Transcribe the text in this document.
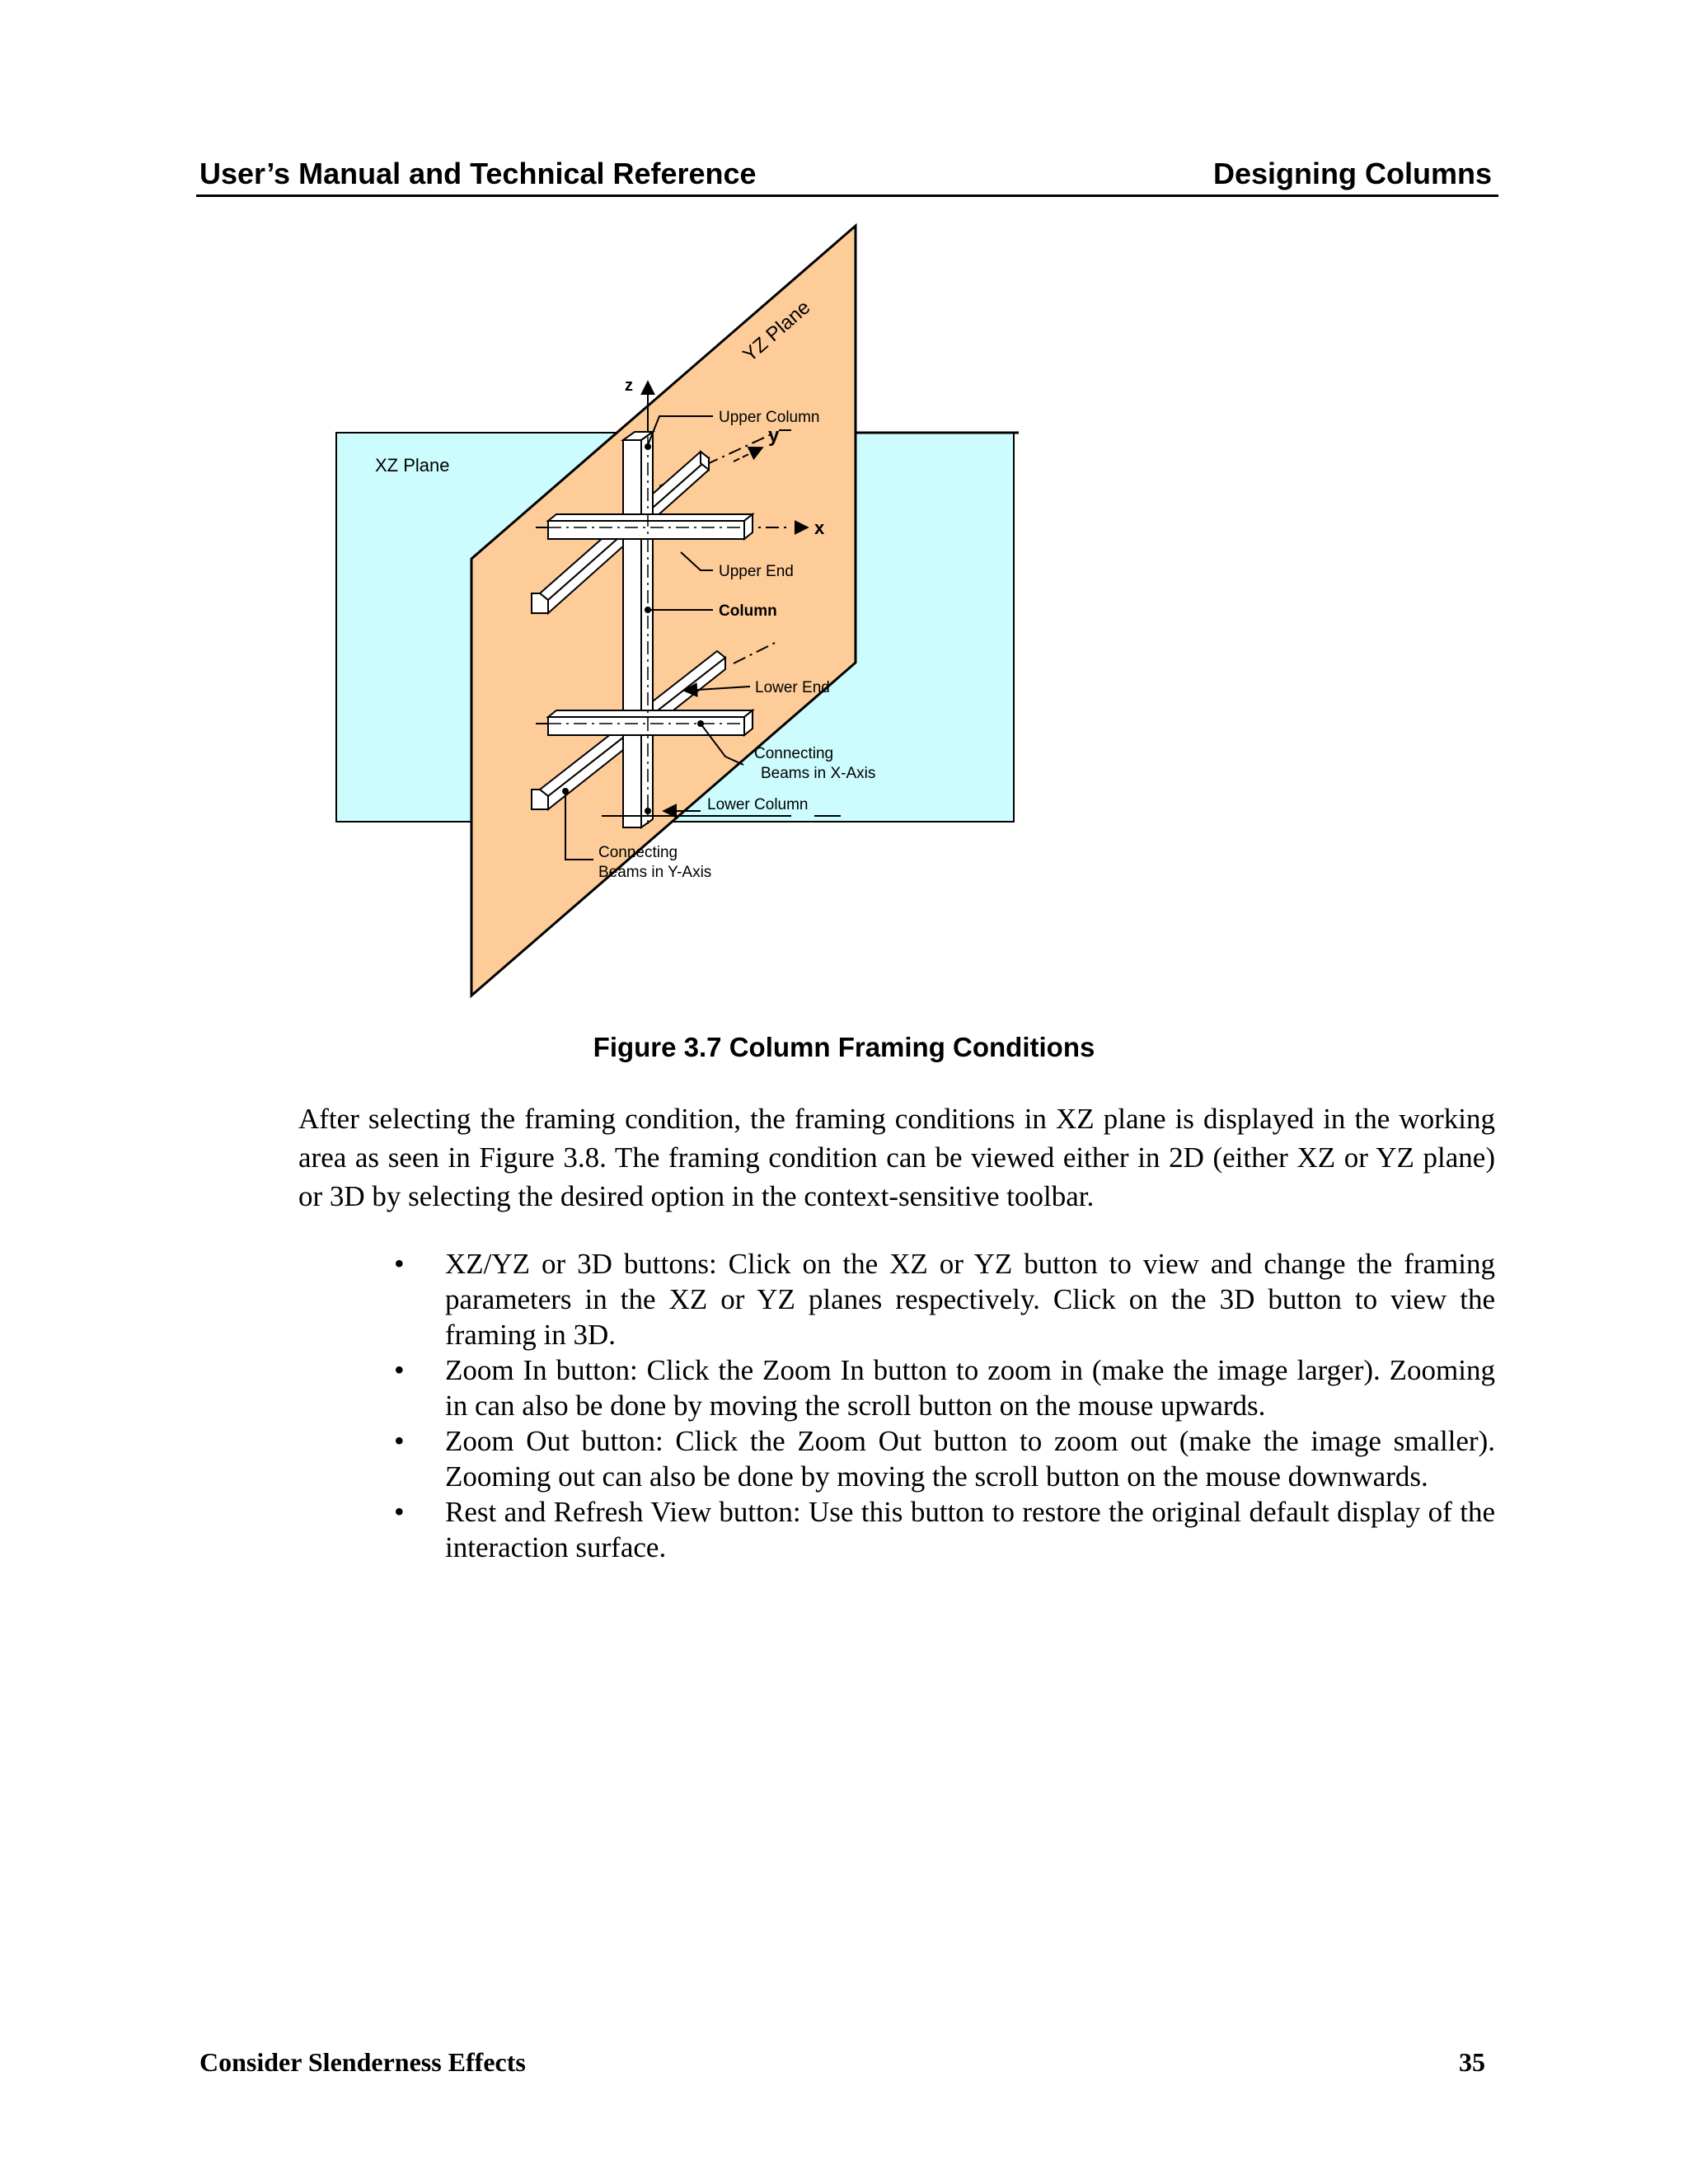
User’s Manual and Technical Reference	Designing Columns
XZ Plane
YZ Plane
z
y
x
Upper Column
Upper End
Column
Lower End
Connecting
Beams in X-Axis
Lower Column
Connecting
Beams in Y-Axis
Figure 3.7 Column Framing Conditions

After selecting the framing condition, the framing conditions in XZ plane is displayed in the working area as seen in Figure 3.8. The framing condition can be viewed either in 2D (either XZ or YZ plane) or 3D by selecting the desired option in the context-sensitive toolbar.

• XZ/YZ or 3D buttons: Click on the XZ or YZ button to view and change the framing parameters in the XZ or YZ planes respectively. Click on the 3D button to view the framing in 3D.
• Zoom In button: Click the Zoom In button to zoom in (make the image larger). Zooming in can also be done by moving the scroll button on the mouse upwards.
• Zoom Out button: Click the Zoom Out button to zoom out (make the image smaller). Zooming out can also be done by moving the scroll button on the mouse downwards.
• Rest and Refresh View button: Use this button to restore the original default display of the interaction surface.
Consider Slenderness Effects	35
